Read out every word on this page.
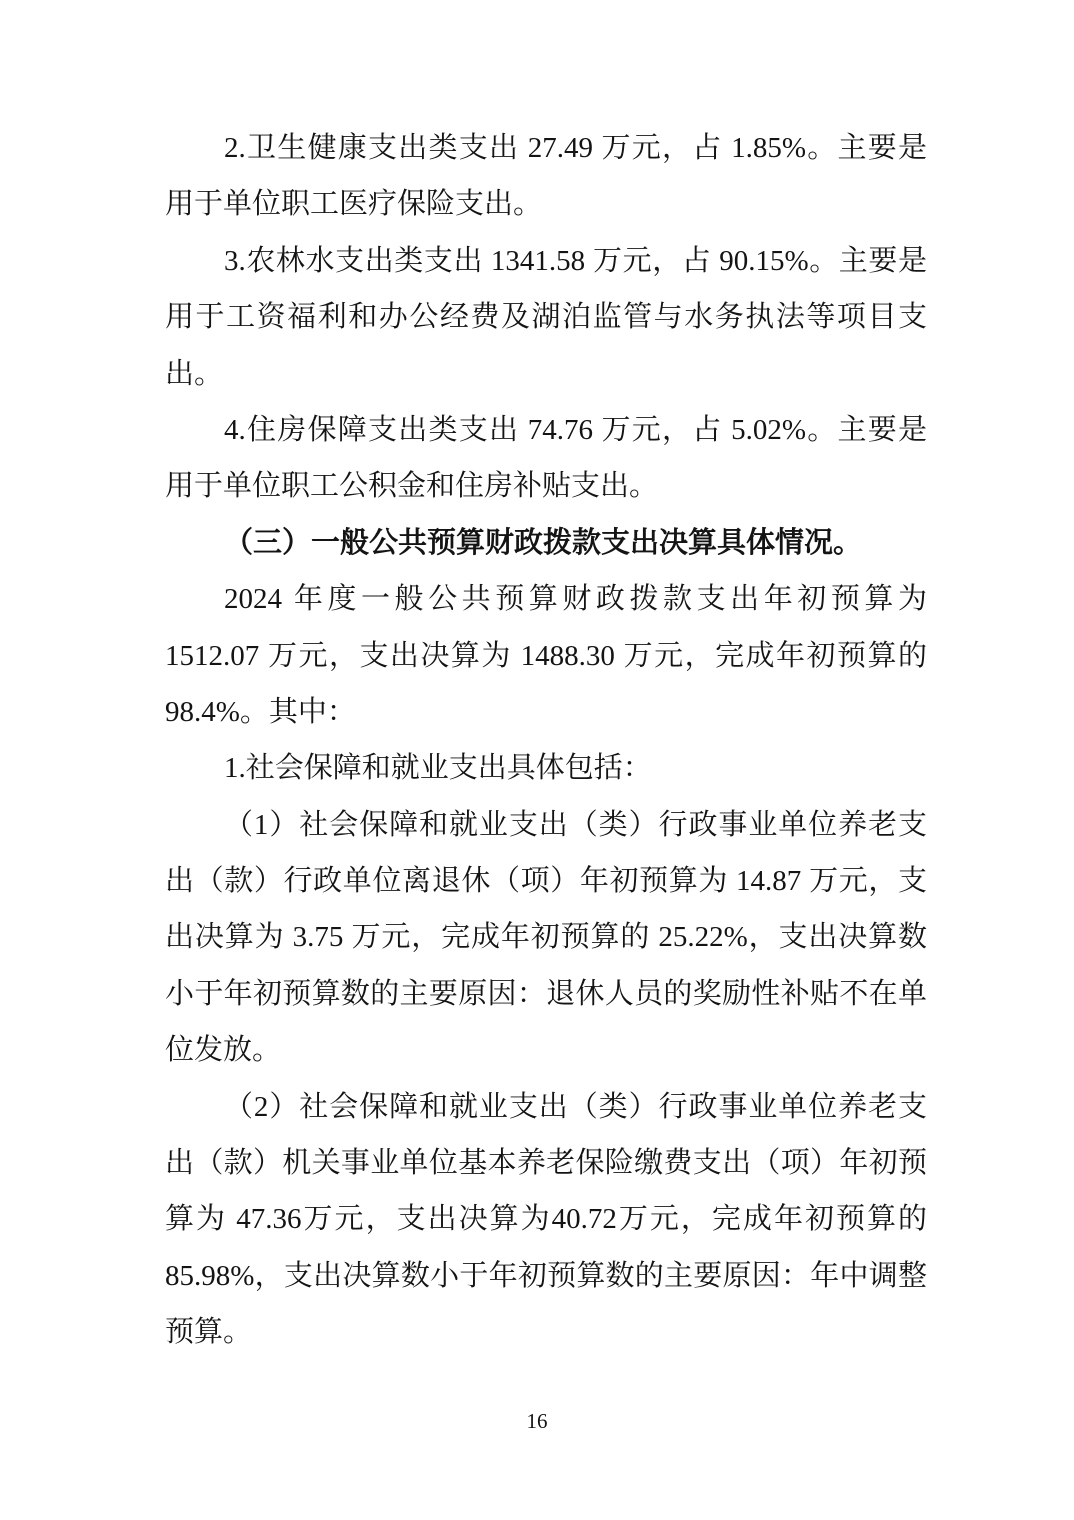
2.卫生健康支出类支出 27.49 万元，占 1.85%。主要是
用于单位职工医疗保险支出。
3.农林水支出类支出 1341.58 万元，占 90.15%。主要是
用于工资福利和办公经费及湖泊监管与水务执法等项目支
出。
4.住房保障支出类支出 74.76 万元，占 5.02%。主要是
用于单位职工公积金和住房补贴支出。
（三）一般公共预算财政拨款支出决算具体情况。
2024 年度一般公共预算财政拨款支出年初预算为
1512.07 万元，支出决算为 1488.30 万元，完成年初预算的
98.4%。其中：
1.社会保障和就业支出具体包括：
（1）社会保障和就业支出（类）行政事业单位养老支
出（款）行政单位离退休（项）年初预算为 14.87 万元，支
出决算为 3.75 万元，完成年初预算的 25.22%，支出决算数
小于年初预算数的主要原因：退休人员的奖励性补贴不在单
位发放。
（2）社会保障和就业支出（类）行政事业单位养老支
出（款）机关事业单位基本养老保险缴费支出（项）年初预
算为 47.36万元，支出决算为40.72万元，完成年初预算的
85.98%，支出决算数小于年初预算数的主要原因：年中调整
预算。
16
